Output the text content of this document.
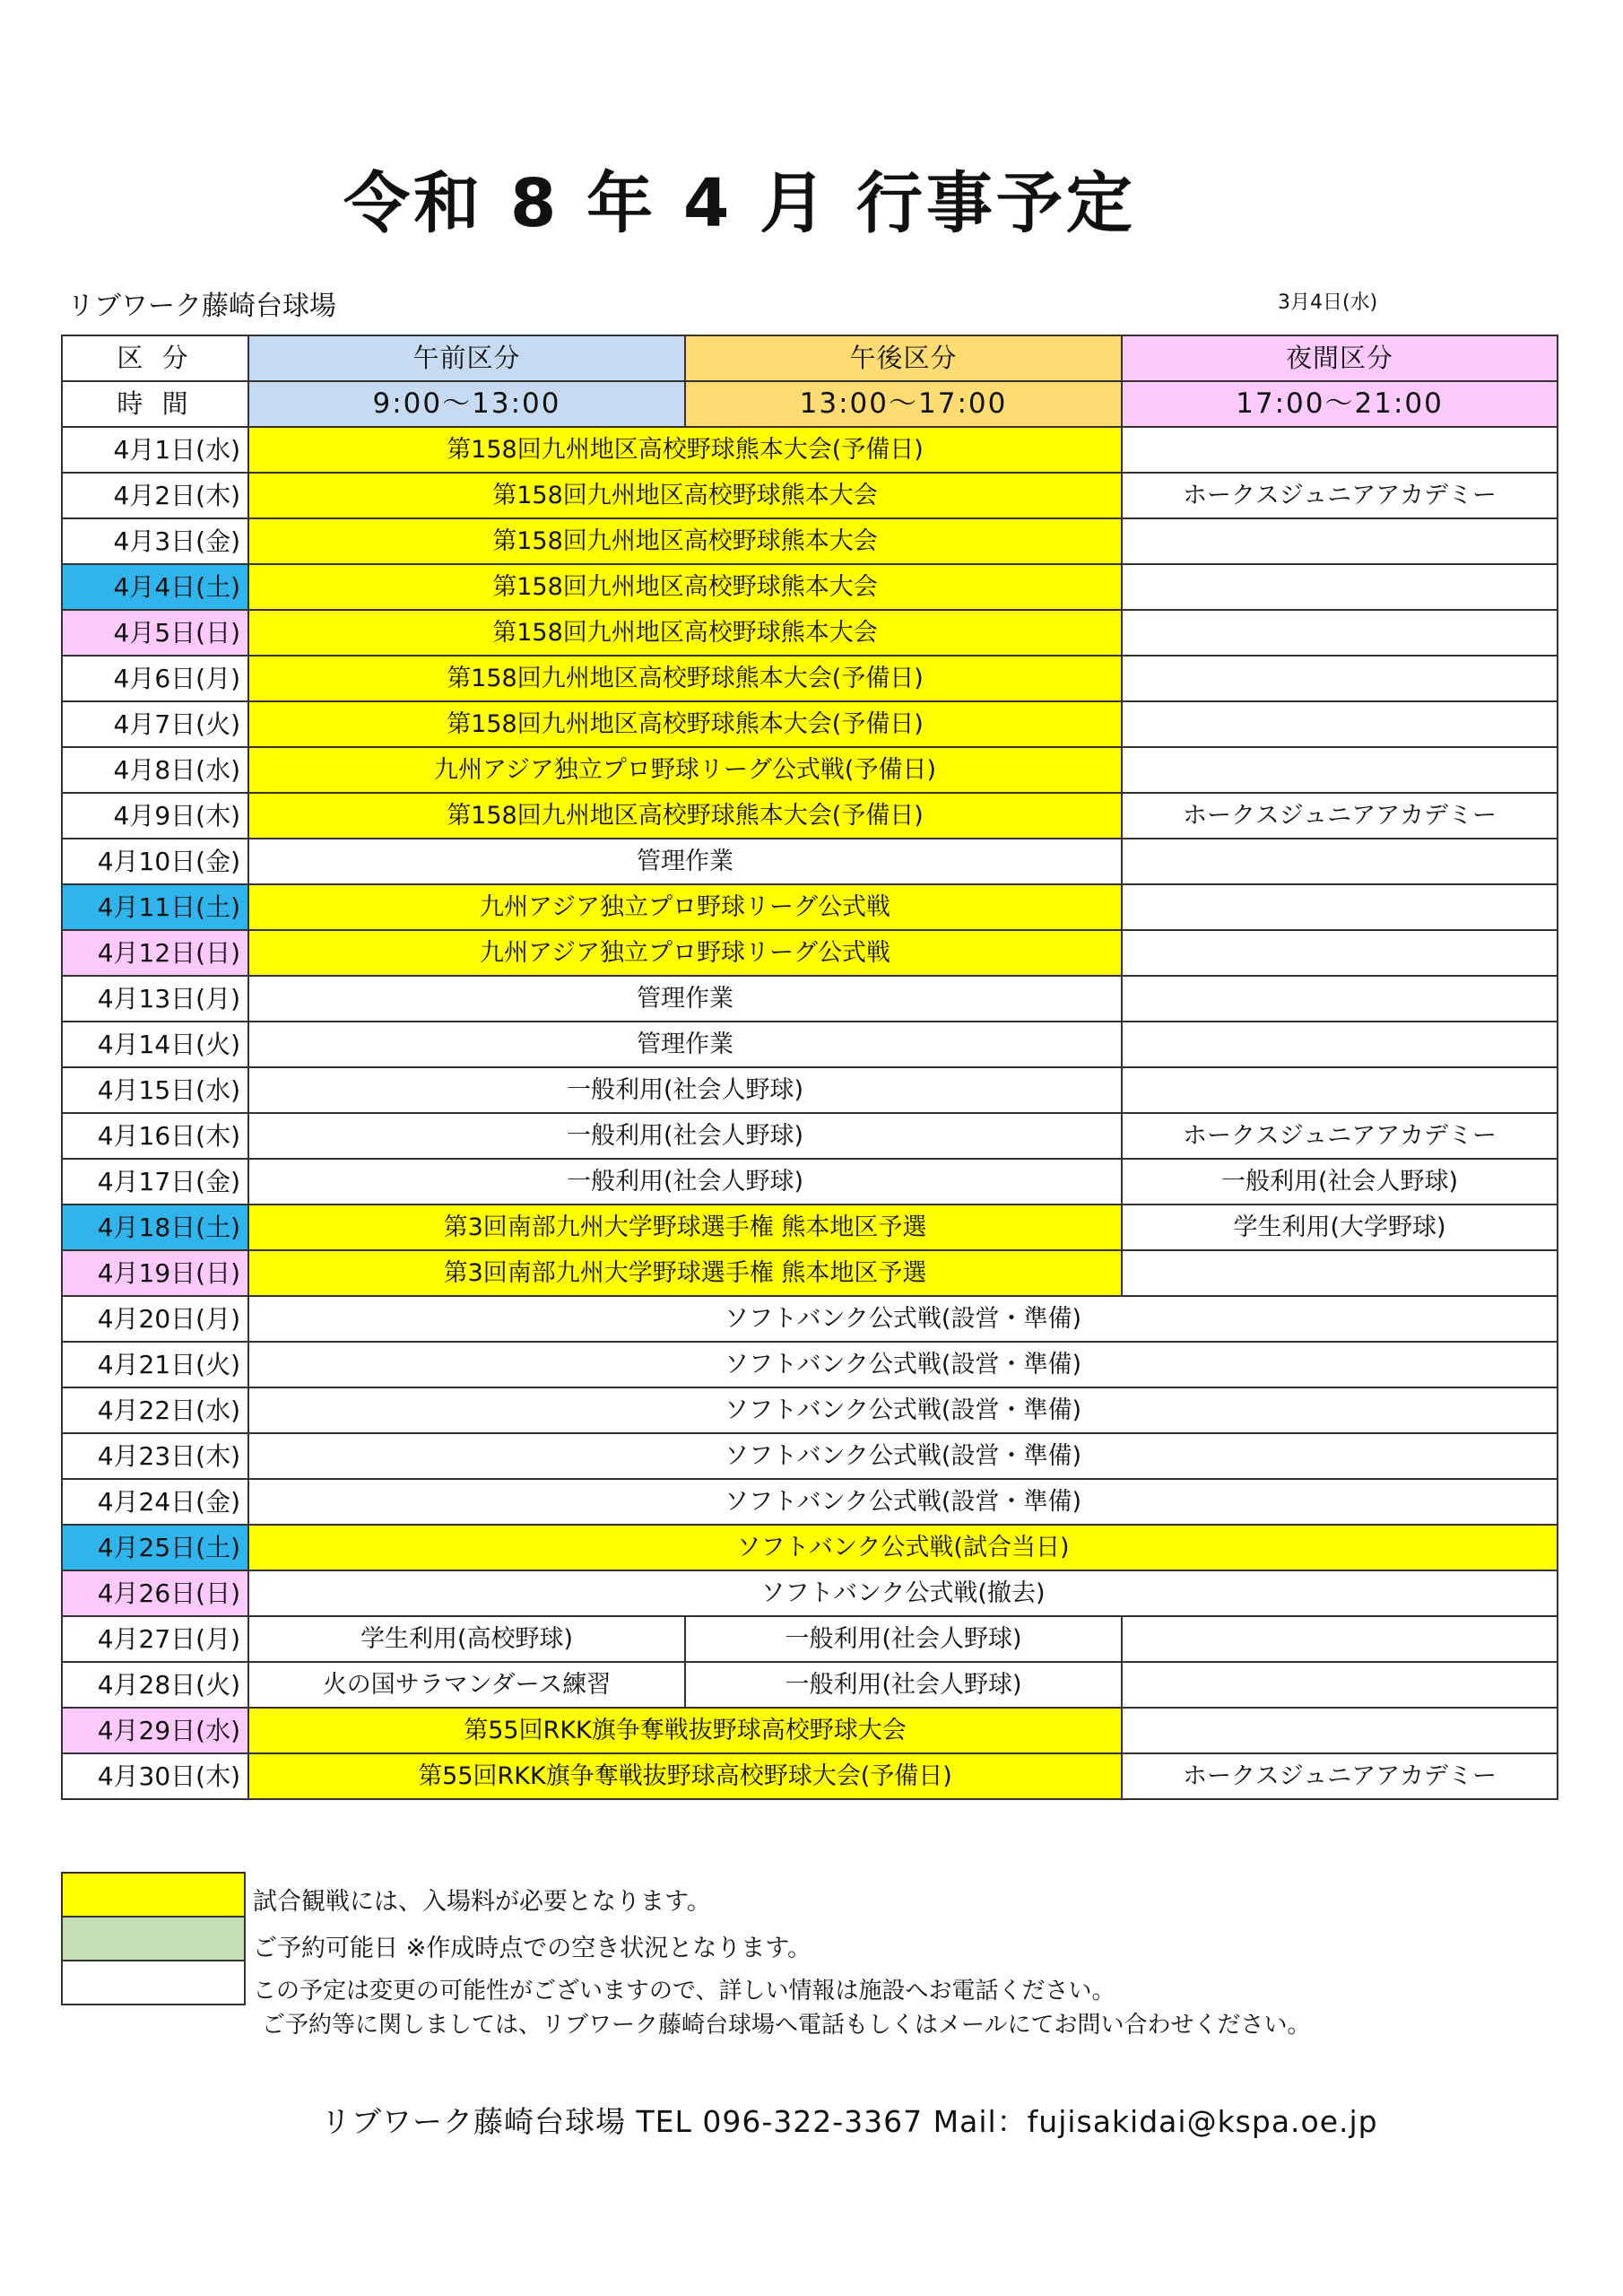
令和 8 年 4 月 行事予定
リブワーク藤崎台球場	3月4日(水)
区 分	午前区分	午後区分	夜間区分
時 間	9:00〜13:00	13:00〜17:00	17:00〜21:00
4月1日(水)	第158回九州地区高校野球熊本大会(予備日)		
4月2日(木)	第158回九州地区高校野球熊本大会		ホークスジュニアアカデミー
4月3日(金)	第158回九州地区高校野球熊本大会		
4月4日(土)	第158回九州地区高校野球熊本大会		
4月5日(日)	第158回九州地区高校野球熊本大会		
4月6日(月)	第158回九州地区高校野球熊本大会(予備日)		
4月7日(火)	第158回九州地区高校野球熊本大会(予備日)		
4月8日(水)	九州アジア独立プロ野球リーグ公式戦(予備日)		
4月9日(木)	第158回九州地区高校野球熊本大会(予備日)		ホークスジュニアアカデミー
4月10日(金)	管理作業		
4月11日(土)	九州アジア独立プロ野球リーグ公式戦		
4月12日(日)	九州アジア独立プロ野球リーグ公式戦		
4月13日(月)	管理作業		
4月14日(火)	管理作業		
4月15日(水)	一般利用(社会人野球)		
4月16日(木)	一般利用(社会人野球)		ホークスジュニアアカデミー
4月17日(金)	一般利用(社会人野球)		一般利用(社会人野球)
4月18日(土)	第3回南部九州大学野球選手権 熊本地区予選		学生利用(大学野球)
4月19日(日)	第3回南部九州大学野球選手権 熊本地区予選		
4月20日(月)	ソフトバンク公式戦(設営・準備)		
4月21日(火)	ソフトバンク公式戦(設営・準備)		
4月22日(水)	ソフトバンク公式戦(設営・準備)		
4月23日(木)	ソフトバンク公式戦(設営・準備)		
4月24日(金)	ソフトバンク公式戦(設営・準備)		
4月25日(土)	ソフトバンク公式戦(試合当日)		
4月26日(日)	ソフトバンク公式戦(撤去)		
4月27日(月)	学生利用(高校野球)	一般利用(社会人野球)	
4月28日(火)	火の国サラマンダース練習	一般利用(社会人野球)	
4月29日(水)	第55回RKK旗争奪戦抜野球高校野球大会		
4月30日(木)	第55回RKK旗争奪戦抜野球高校野球大会(予備日)		ホークスジュニアアカデミー
試合観戦には、入場料が必要となります。
ご予約可能日 ※作成時点での空き状況となります。
この予定は変更の可能性がございますので、詳しい情報は施設へお電話ください。
ご予約等に関しましては、リブワーク藤崎台球場へ電話もしくはメールにてお問い合わせください。
リブワーク藤崎台球場 TEL 096-322-3367 Mail：fujisakidai@kspa.oe.jp
